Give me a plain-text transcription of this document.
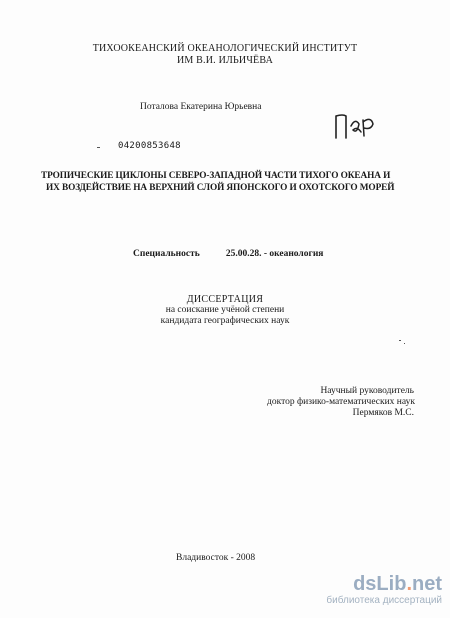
ТИХООКЕАНСКИЙ ОКЕАНОЛОГИЧЕСКИЙ ИНСТИТУТ
ИМ В.И. ИЛЬИЧЁВА
Поталова Екатерина Юрьевна
04200853648
ТРОПИЧЕСКИЕ ЦИКЛОНЫ СЕВЕРО-ЗАПАДНОЙ ЧАСТИ ТИХОГО ОКЕАНА И
ИХ ВОЗДЕЙСТВИЕ НА ВЕРХНИЙ СЛОЙ ЯПОНСКОГО И ОХОТСКОГО МОРЕЙ
Специальность	25.00.28. - океанология
ДИССЕРТАЦИЯ
на соискание учёной степени
кандидата географических наук
Научный руководитель
доктор физико-математических наук
Пермяков М.С.
Владивосток - 2008
dsLib.net
библиотека диссертаций
